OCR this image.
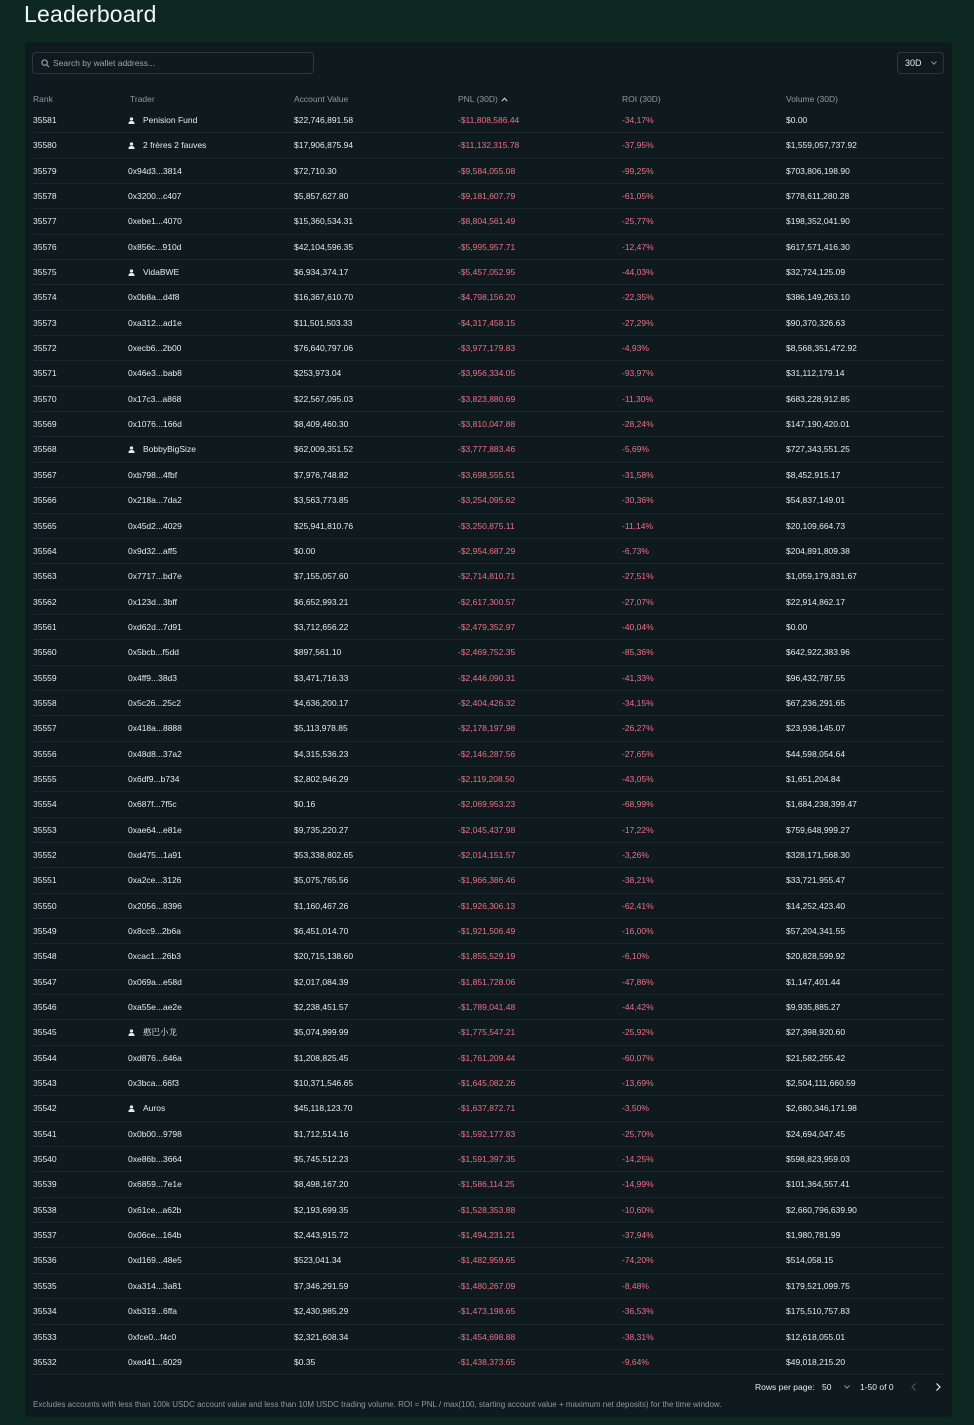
Leaderboard
Search by wallet address...
30D
Rank	Trader	Account Value	PNL (30D)	ROI (30D)	Volume (30D)
35581	Penision Fund	$22,746,891.58	-$11,808,586.44	-34,17%	$0.00
35580	2 frères 2 fauves	$17,906,875.94	-$11,132,315.78	-37,95%	$1,559,057,737.92
35579	0x94d3...3814	$72,710.30	-$9,584,055.08	-99,25%	$703,806,198.90
35578	0x3200...c407	$5,857,627.80	-$9,181,607.79	-61,05%	$778,611,280.28
35577	0xebe1...4070	$15,360,534.31	-$8,804,561.49	-25,77%	$198,352,041.90
35576	0x856c...910d	$42,104,596.35	-$5,995,957.71	-12,47%	$617,571,416.30
35575	VidaBWE	$6,934,374.17	-$5,457,052.95	-44,03%	$32,724,125.09
35574	0x0b8a...d4f8	$16,367,610.70	-$4,798,156.20	-22,35%	$386,149,263.10
35573	0xa312...ad1e	$11,501,503.33	-$4,317,458.15	-27,29%	$90,370,326.63
35572	0xecb6...2b00	$76,640,797.06	-$3,977,179.83	-4,93%	$8,568,351,472.92
35571	0x46e3...bab8	$253,973.04	-$3,956,334.05	-93,97%	$31,112,179.14
35570	0x17c3...a868	$22,567,095.03	-$3,823,880.69	-11,30%	$683,228,912.85
35569	0x1076...166d	$8,409,460.30	-$3,810,047.88	-28,24%	$147,190,420.01
35568	BobbyBigSize	$62,009,351.52	-$3,777,883.46	-5,69%	$727,343,551.25
35567	0xb798...4fbf	$7,976,748.82	-$3,698,555.51	-31,58%	$8,452,915.17
35566	0x218a...7da2	$3,563,773.85	-$3,254,095.62	-30,36%	$54,837,149.01
35565	0x45d2...4029	$25,941,810.76	-$3,250,875.11	-11,14%	$20,109,664.73
35564	0x9d32...aff5	$0.00	-$2,954,687.29	-6,73%	$204,891,809.38
35563	0x7717...bd7e	$7,155,057.60	-$2,714,810.71	-27,51%	$1,059,179,831.67
35562	0x123d...3bff	$6,652,993.21	-$2,617,300.57	-27,07%	$22,914,862.17
35561	0xd62d...7d91	$3,712,656.22	-$2,479,352.97	-40,04%	$0.00
35560	0x5bcb...f5dd	$897,561.10	-$2,469,752.35	-85,36%	$642,922,383.96
35559	0x4ff9...38d3	$3,471,716.33	-$2,446,090.31	-41,33%	$96,432,787.55
35558	0x5c26...25c2	$4,636,200.17	-$2,404,426.32	-34,15%	$67,236,291.65
35557	0x418a...8888	$5,113,978.85	-$2,178,197.98	-26,27%	$23,936,145.07
35556	0x48d8...37a2	$4,315,536.23	-$2,146,287.56	-27,65%	$44,598,054.64
35555	0x6df9...b734	$2,802,946.29	-$2,119,208.50	-43,05%	$1,651,204.84
35554	0x687f...7f5c	$0.16	-$2,069,953.23	-68,99%	$1,684,238,399.47
35553	0xae64...e81e	$9,735,220.27	-$2,045,437.98	-17,22%	$759,648,999.27
35552	0xd475...1a91	$53,338,802.65	-$2,014,151.57	-3,26%	$328,171,568.30
35551	0xa2ce...3126	$5,075,765.56	-$1,966,386.46	-38,21%	$33,721,955.47
35550	0x2056...8396	$1,160,467.26	-$1,926,306.13	-62,41%	$14,252,423.40
35549	0x8cc9...2b6a	$6,451,014.70	-$1,921,506.49	-16,00%	$57,204,341.55
35548	0xcac1...26b3	$20,715,138.60	-$1,855,529.19	-6,10%	$20,828,599.92
35547	0x069a...e58d	$2,017,084.39	-$1,851,728.06	-47,86%	$1,147,401.44
35546	0xa55e...ae2e	$2,238,451.57	-$1,789,041.48	-44,42%	$9,935,885.27
35545	憨巴小龙	$5,074,999.99	-$1,775,547.21	-25,92%	$27,398,920.60
35544	0xd876...646a	$1,208,825.45	-$1,761,209.44	-60,07%	$21,582,255.42
35543	0x3bca...66f3	$10,371,546.65	-$1,645,082.26	-13,69%	$2,504,111,660.59
35542	Auros	$45,118,123.70	-$1,637,872.71	-3,50%	$2,680,346,171.98
35541	0x0b00...9798	$1,712,514.16	-$1,592,177.83	-25,70%	$24,694,047.45
35540	0xe86b...3664	$5,745,512.23	-$1,591,397.35	-14,25%	$598,823,959.03
35539	0x6859...7e1e	$8,498,167.20	-$1,586,114.25	-14,99%	$101,364,557.41
35538	0x61ce...a62b	$2,193,699.35	-$1,528,353.88	-10,60%	$2,660,796,639.90
35537	0x06ce...164b	$2,443,915.72	-$1,494,231.21	-37,94%	$1,980,781.99
35536	0xd169...48e5	$523,041.34	-$1,482,959.65	-74,20%	$514,058.15
35535	0xa314...3a81	$7,346,291.59	-$1,480,267.09	-8,48%	$179,521,099.75
35534	0xb319...6ffa	$2,430,985.29	-$1,473,198.65	-36,53%	$175,510,757.83
35533	0xfce0...f4c0	$2,321,608.34	-$1,454,698.88	-38,31%	$12,618,055.01
35532	0xed41...6029	$0.35	-$1,438,373.65	-9,64%	$49,018,215.20
Rows per page: 50	1-50 of 0
Excludes accounts with less than 100k USDC account value and less than 10M USDC trading volume. ROI = PNL / max(100, starting account value + maximum net deposits) for the time window.
